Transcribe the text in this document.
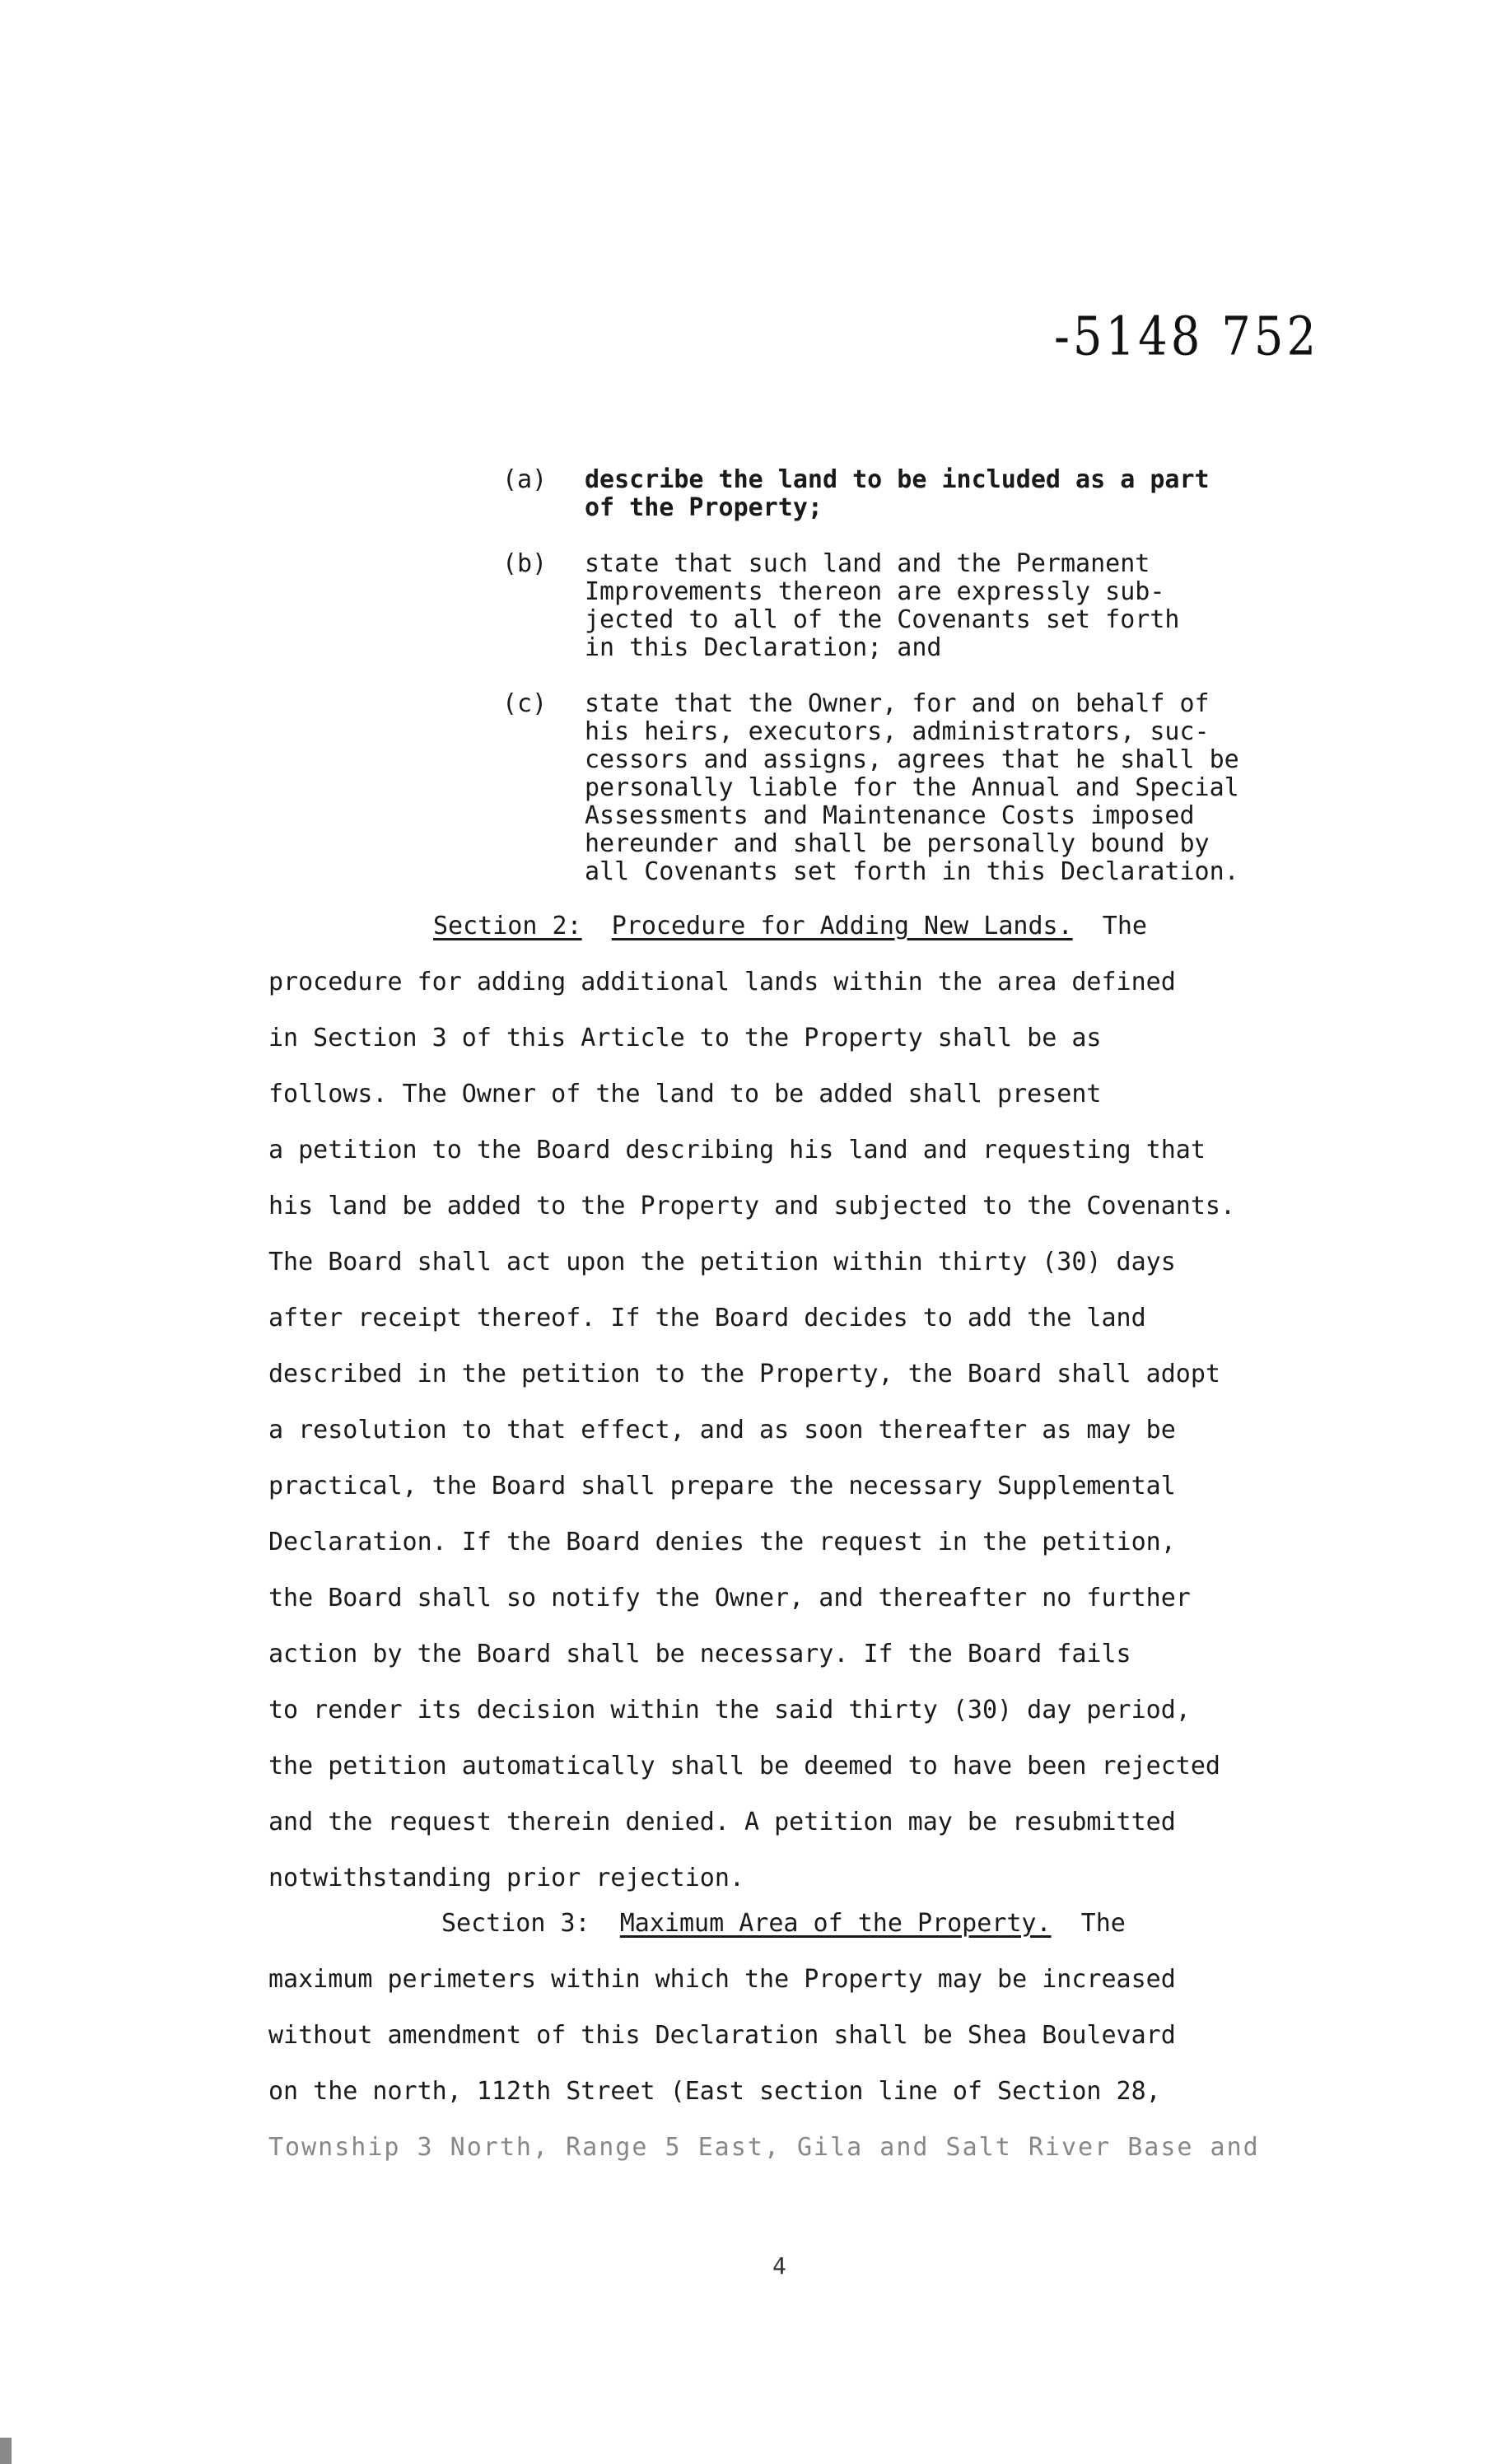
-5148 752
(a)	describe the land to be included as a part
of the Property;
(b)	state that such land and the Permanent
Improvements thereon are expressly sub-
jected to all of the Covenants set forth
in this Declaration; and
(c)	state that the Owner, for and on behalf of
his heirs, executors, administrators, suc-
cessors and assigns, agrees that he shall be
personally liable for the Annual and Special
Assessments and Maintenance Costs imposed
hereunder and shall be personally bound by
all Covenants set forth in this Declaration.
Section 2: Procedure for Adding New Lands. The
procedure for adding additional lands within the area defined
in Section 3 of this Article to the Property shall be as
follows. The Owner of the land to be added shall present
a petition to the Board describing his land and requesting that
his land be added to the Property and subjected to the Covenants.
The Board shall act upon the petition within thirty (30) days
after receipt thereof. If the Board decides to add the land
described in the petition to the Property, the Board shall adopt
a resolution to that effect, and as soon thereafter as may be
practical, the Board shall prepare the necessary Supplemental
Declaration. If the Board denies the request in the petition,
the Board shall so notify the Owner, and thereafter no further
action by the Board shall be necessary. If the Board fails
to render its decision within the said thirty (30) day period,
the petition automatically shall be deemed to have been rejected
and the request therein denied. A petition may be resubmitted
notwithstanding prior rejection.
Section 3: Maximum Area of the Property. The
maximum perimeters within which the Property may be increased
without amendment of this Declaration shall be Shea Boulevard
on the north, 112th Street (East section line of Section 28,
Township 3 North, Range 5 East, Gila and Salt River Base and
4
